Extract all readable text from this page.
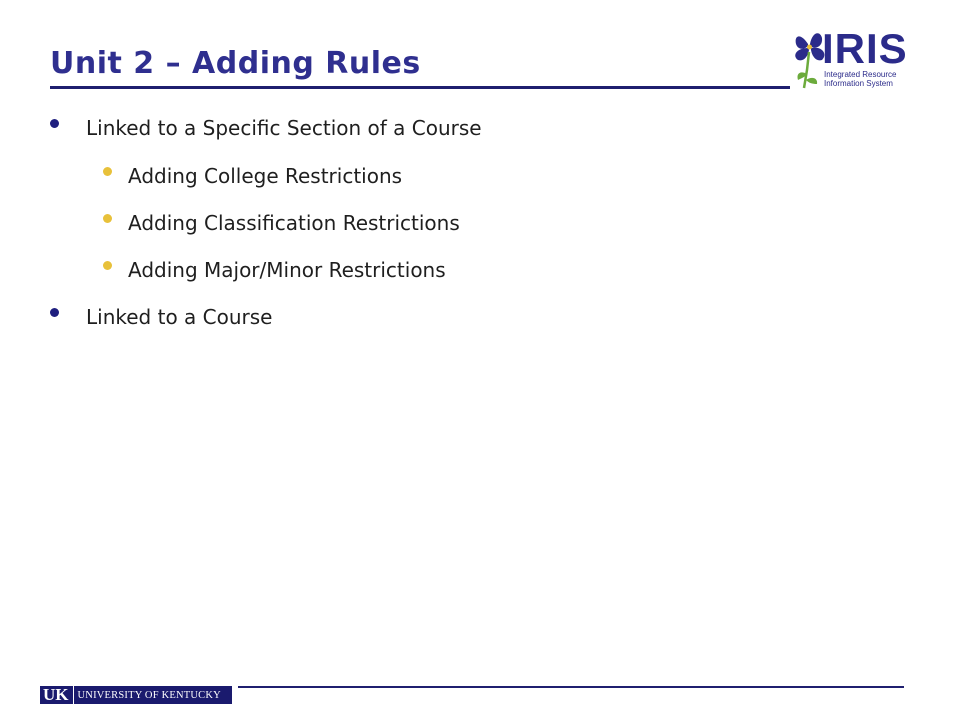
Unit 2 – Adding Rules	IRIS
Integrated Resource
Information System
Linked to a Specific Section of a Course
Adding College Restrictions
Adding Classification Restrictions
Adding Major/Minor Restrictions
Linked to a Course
UK UNIVERSITY OF KENTUCKY
